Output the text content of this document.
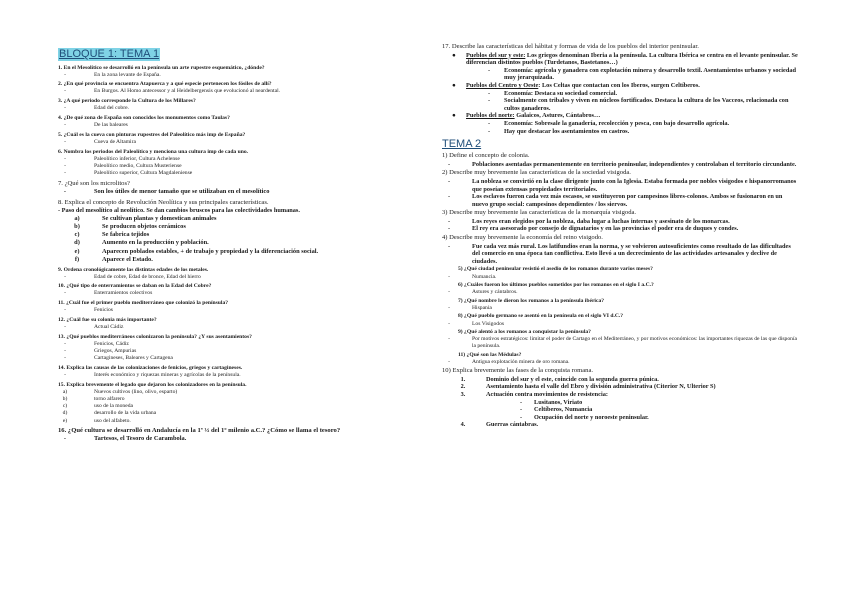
BLOQUE 1: TEMA 1
1. En el Mesolítico se desarrolló en la península un arte rupestre esquemático, ¿dónde?
-	En la zona levante de España.
2. ¿En qué provincia se encuentra Atapuerca y a qué especie pertenecen los fósiles de allí?
-	En Burgos. Al Homo antecessor y al Heidelbergensis que evolucionó al neardental.
3. ¿A qué periodo corresponde la Cultura de los Millares?
-	Edad del cobre.
4. ¿De qué zona de España son conocidos los monumentos como Taulas?
-	De las baleares
5. ¿Cuál es la cueva con pinturas rupestres del Paleolítico más imp de España?
-	Cueva de Altamira
6. Nombra los periodos del Paleolítico y menciona una cultura imp de cada uno.
-	Paleolítico inferior, Cultura Achelense
-	Paleolítico medio, Cultura Musteriense
-	Paleolítico superior, Cultura Magdaleniense
7. ¿Qué son los microlitos?
-	Son los útiles de menor tamaño que se utilizaban en el mesolítico
8. Explica el concepto de Revolución Neolítica y sus principales características.
- Paso del mesolítico al neolítico. Se dan cambios bruscos para las colectividades humanas.
a)	Se cultivan plantas y domestican animales
b)	Se producen objetos cerámicos
c)	Se fabrica tejidos
d)	Aumento en la producción y población.
e)	Aparecen poblados estables, + de trabajo y propiedad y la diferenciación social.
f)	Aparece el Estado.
9. Ordena cronológicamente las distintas edades de los metales.
-	Edad de cobre, Edad de bronce, Edad del hierro
10. ¿Qué tipo de enterramientos se daban en la Edad del Cobre?
-	Enterramientos colectivos
11. ¿Cuál fue el primer pueblo mediterráneo que colonizó la península?
-	Fenicios
12. ¿Cuál fue su colonia más importante?
-	Actual Cádiz
13. ¿Qué pueblos mediterráneos colonizaron la península? ¿Y sus asentamientos?
-	Fenicios, Cádiz
-	Griegos, Ampurias
-	Cartagineses, Baleares y Cartagena
14. Explica las causas de las colonizaciones de fenicios, griegos y cartagineses.
-	Interés económico y riquezas mineras y agrícolas de la península.
15. Explica brevemente el legado que dejaron los colonizadores en la península.
a)	Nuevos cultivos (lino, olivo, esparto)
b)	torno alfarero
c)	uso de la moneda
d)	desarrollo de la vida urbana
e)	uso del alfabeto.
16. ¿Qué cultura se desarrolló en Andalucía en la 1ª ½ del 1º milenio a.C.? ¿Cómo se llama el tesoro?
-	Tartesos, el Tesoro de Carambola.
17. Describe las características del hábitat y formas de vida de los pueblos del interior peninsular.
● Pueblos del sur y este: Los griegos denominan Iberia a la península. La cultura Ibérica se centra en el levante peninsular. Se diferencian distintos pueblos (Turdetanos, Bastetanos…)
- Economía: agrícola y ganadera con explotación minera y desarrollo textil. Asentamientos urbanos y sociedad muy jerarquizada.
● Pueblos del Centro y Oeste: Los Celtas que contactan con los Iberos, surgen Celtíberos.
- Economía: Destaca su sociedad comercial.
- Socialmente con tribales y viven en núcleos fortificados. Destaca la cultura de los Vacceos, relacionada con cultos ganaderos.
● Pueblos del norte: Galaicos, Astures, Cántabros…
- Economía: Sobresale la ganadería, recolección y pesca, con bajo desarrollo agrícola.
- Hay que destacar los asentamientos en castros.
TEMA 2
1) Define el concepto de colonia.
-	Poblaciones asentadas permanentemente en territorio peninsular, independientes y controlaban el territorio circundante.
2) Describe muy brevemente las características de la sociedad visigoda.
-	La nobleza se convirtió en la clase dirigente junto con la Iglesia. Estaba formada por nobles visigodos e hispanorromanos que poseían extensas propiedades territoriales.
-	Los esclavos fueron cada vez más escasos, se sustituyeron por campesinos libres-colonos. Ambos se fusionaron en un nuevo grupo social: campesinos dependientes / los siervos.
3) Describe muy brevemente las características de la monarquía visigoda.
-	Los reyes eran elegidos por la nobleza, daba lugar a luchas internas y asesinato de los monarcas.
-	El rey era asesorado por consejo de dignatarios y en las provincias el poder era de duques y condes.
4) Describe muy brevemente la economía del reino visigodo.
-	Fue cada vez más rural. Los latifundios eran la norma, y se volvieron autosuficientes como resultado de las dificultades del comercio en una época tan conflictiva. Esto llevó a un decrecimiento de las actividades artesanales y declive de ciudades.
5) ¿Qué ciudad peninsular resistió el asedio de los romanos durante varios meses?
-	Numancia.
6) ¿Cuáles fueron los últimos pueblos sometidos por los romanos en el siglo I a.C.?
-	Astures y cántabros.
7) ¿Qué nombre le dieron los romanos a la península ibérica?
-	Hispania
8) ¿Qué pueblo germano se asentó en la península en el siglo VI d.C.?
-	Los Visigodos
9) ¿Qué alentó a los romanos a conquistar la península?
-	Por motivos estratégicos: limitar el poder de Cartago en el Mediterráneo, y por motivos económicos: las importantes riquezas de las que disponía la península.
11) ¿Qué son las Médulas?
-	Antigua explotación minera de oro romana.
10) Explica brevemente las fases de la conquista romana.
1.	Dominio del sur y el este, coincide con la segunda guerra púnica.
2.	Asentamiento hasta el valle del Ebro y división administrativa (Citerior N, Ulterior S)
3.	Actuación contra movimientos de resistencia:
- Lusitanos, Viriato
- Celtíberos, Numancia
- Ocupación del norte y noroeste peninsular.
4.	Guerras cántabras.
